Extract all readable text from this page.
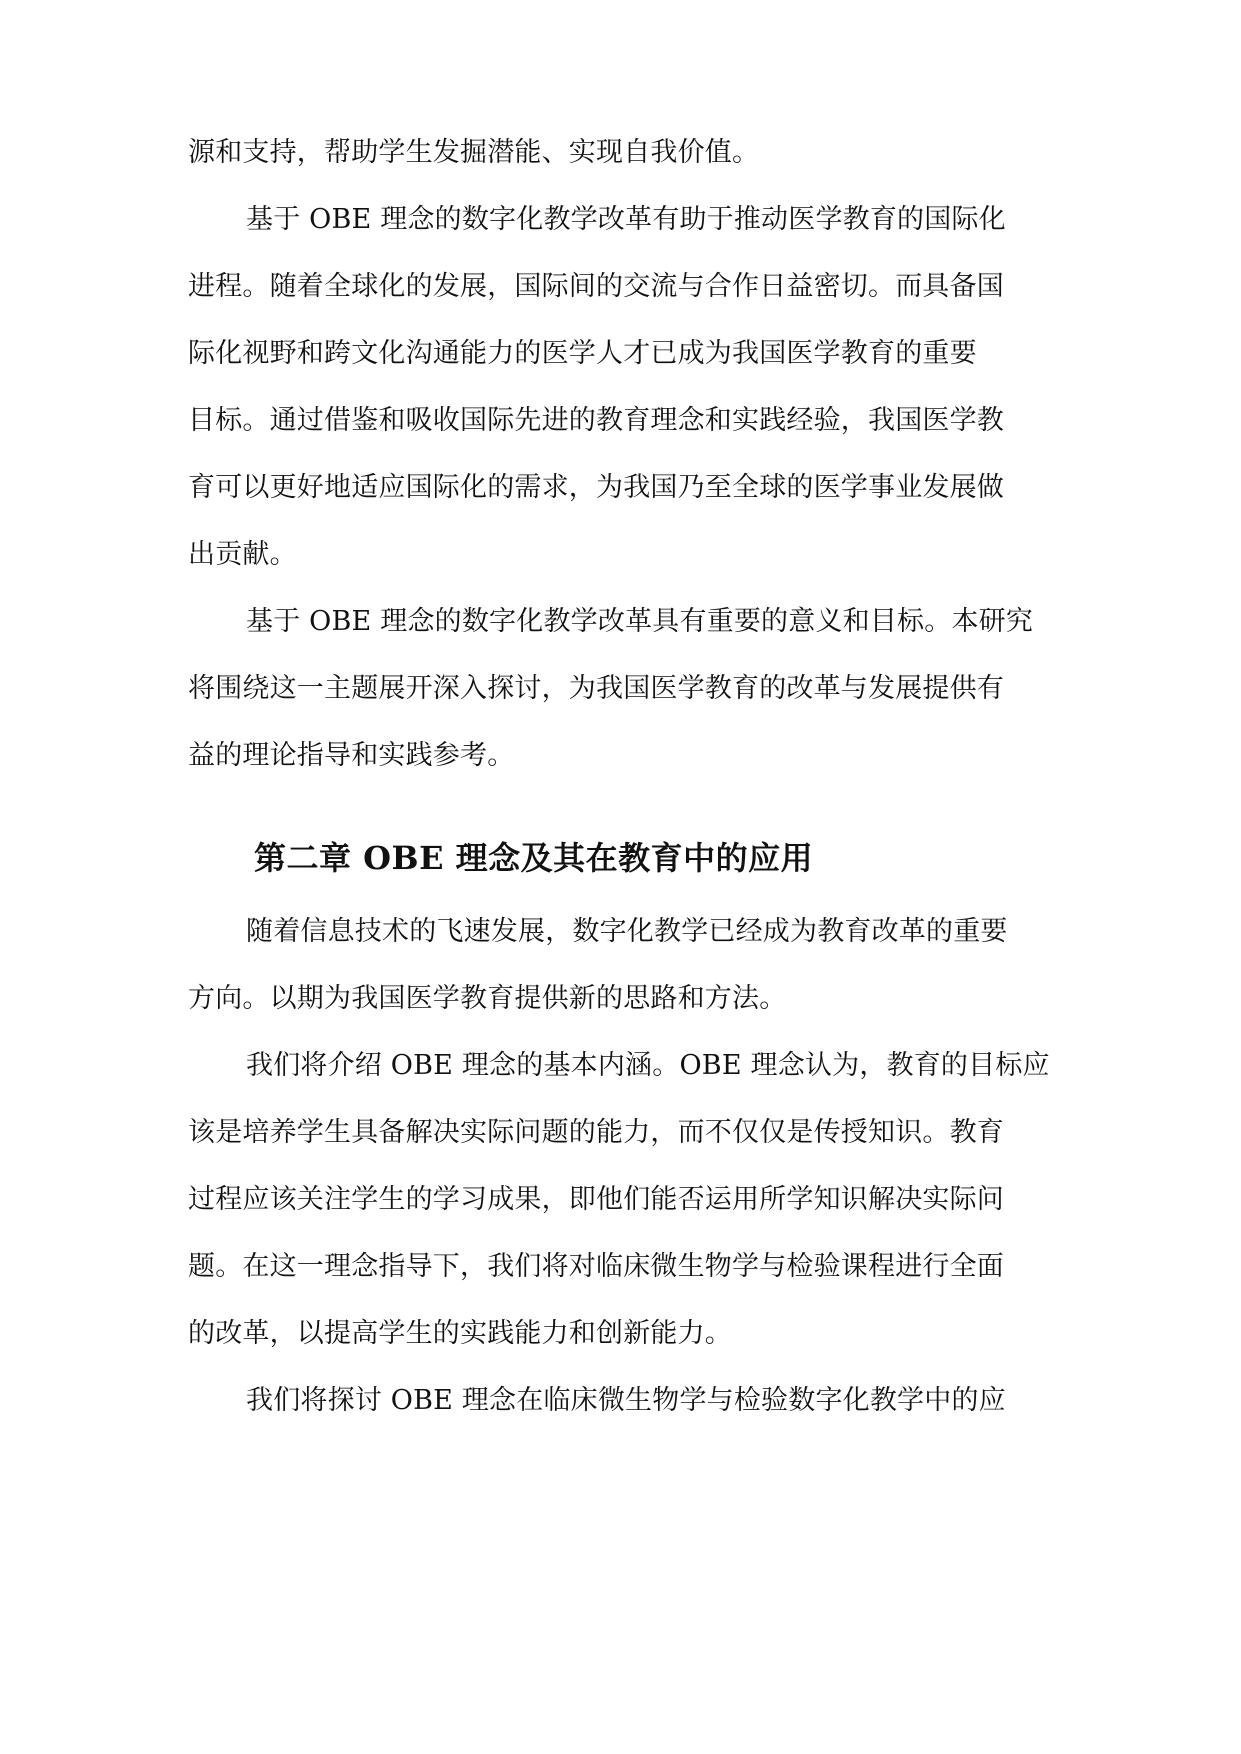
源和支持，帮助学生发掘潜能、实现自我价值。
基于 OBE 理念的数字化教学改革有助于推动医学教育的国际化
进程。随着全球化的发展，国际间的交流与合作日益密切。而具备国
际化视野和跨文化沟通能力的医学人才已成为我国医学教育的重要
目标。通过借鉴和吸收国际先进的教育理念和实践经验，我国医学教
育可以更好地适应国际化的需求，为我国乃至全球的医学事业发展做
出贡献。
基于 OBE 理念的数字化教学改革具有重要的意义和目标。本研究
将围绕这一主题展开深入探讨，为我国医学教育的改革与发展提供有
益的理论指导和实践参考。
第二章 OBE 理念及其在教育中的应用
随着信息技术的飞速发展，数字化教学已经成为教育改革的重要
方向。以期为我国医学教育提供新的思路和方法。
我们将介绍 OBE 理念的基本内涵。OBE 理念认为，教育的目标应
该是培养学生具备解决实际问题的能力，而不仅仅是传授知识。教育
过程应该关注学生的学习成果，即他们能否运用所学知识解决实际问
题。在这一理念指导下，我们将对临床微生物学与检验课程进行全面
的改革，以提高学生的实践能力和创新能力。
我们将探讨 OBE 理念在临床微生物学与检验数字化教学中的应
